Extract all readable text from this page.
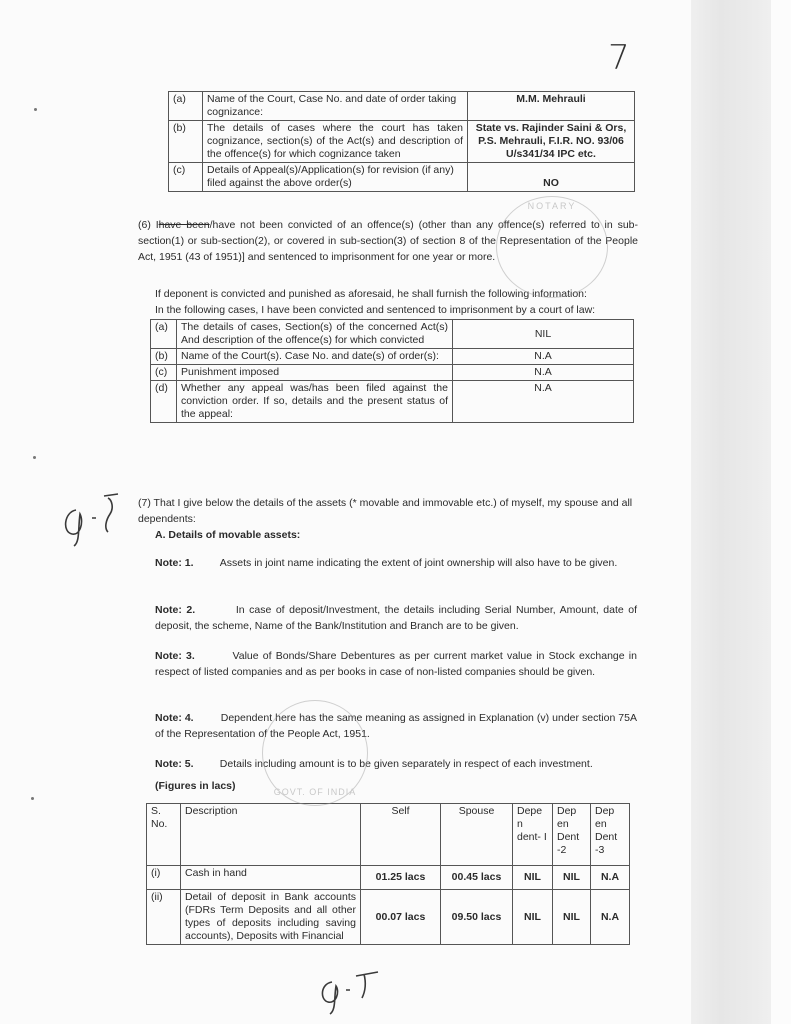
7
(a)	Name of the Court, Case No. and date of order taking cognizance:	M.M. Mehrauli
(b)	The details of cases where the court has taken cognizance, section(s) of the Act(s) and description of the offence(s) for which cognizance taken	State vs. Rajinder Saini & Ors, P.S. Mehrauli, F.I.R. NO. 93/06 U/s341/34 IPC etc.
(c)	Details of Appeal(s)/Application(s) for revision (if any) filed against the above order(s)	NO
(6) Ihave been/have not been convicted of an offence(s) (other than any offence(s) referred to in sub-section(1) or sub-section(2), or covered in sub-section(3) of section 8 of the Representation of the People Act, 1951 (43 of 1951)] and sentenced to imprisonment for one year or more.
If deponent is convicted and punished as aforesaid, he shall furnish the following information:
In the following cases, I have been convicted and sentenced to imprisonment by a court of law:
(a)	The details of cases, Section(s) of the concerned Act(s) And description of the offence(s) for which convicted	NIL
(b)	Name of the Court(s). Case No. and date(s) of order(s):	N.A
(c)	Punishment imposed	N.A
(d)	Whether any appeal was/has been filed against the conviction order. If so, details and the present status of the appeal:	N.A
(7) That I give below the details of the assets (* movable and immovable etc.) of myself, my spouse and all dependents:
A. Details of movable assets:
Note: 1.	Assets in joint name indicating the extent of joint ownership will also have to be given.
Note: 2.	In case of deposit/Investment, the details including Serial Number, Amount, date of deposit, the scheme, Name of the Bank/Institution and Branch are to be given.
Note: 3.	Value of Bonds/Share Debentures as per current market value in Stock exchange in respect of listed companies and as per books in case of non-listed companies should be given.
Note: 4.	Dependent here has the same meaning as assigned in Explanation (v) under section 75A of the Representation of the People Act, 1951.
Note: 5.	Details including amount is to be given separately in respect of each investment.
(Figures in lacs)
S. No.	Description	Self	Spouse	Depe n dent- I	Dep en Dent -2	Dep en Dent -3
(i)	Cash in hand	01.25 lacs	00.45 lacs	NIL	NIL	N.A
(ii)	Detail of deposit in Bank accounts (FDRs Term Deposits and all other types of deposits including saving accounts), Deposits with Financial	00.07 lacs	09.50 lacs	NIL	NIL	N.A
NOTARY
GOVT. OF INDIA
